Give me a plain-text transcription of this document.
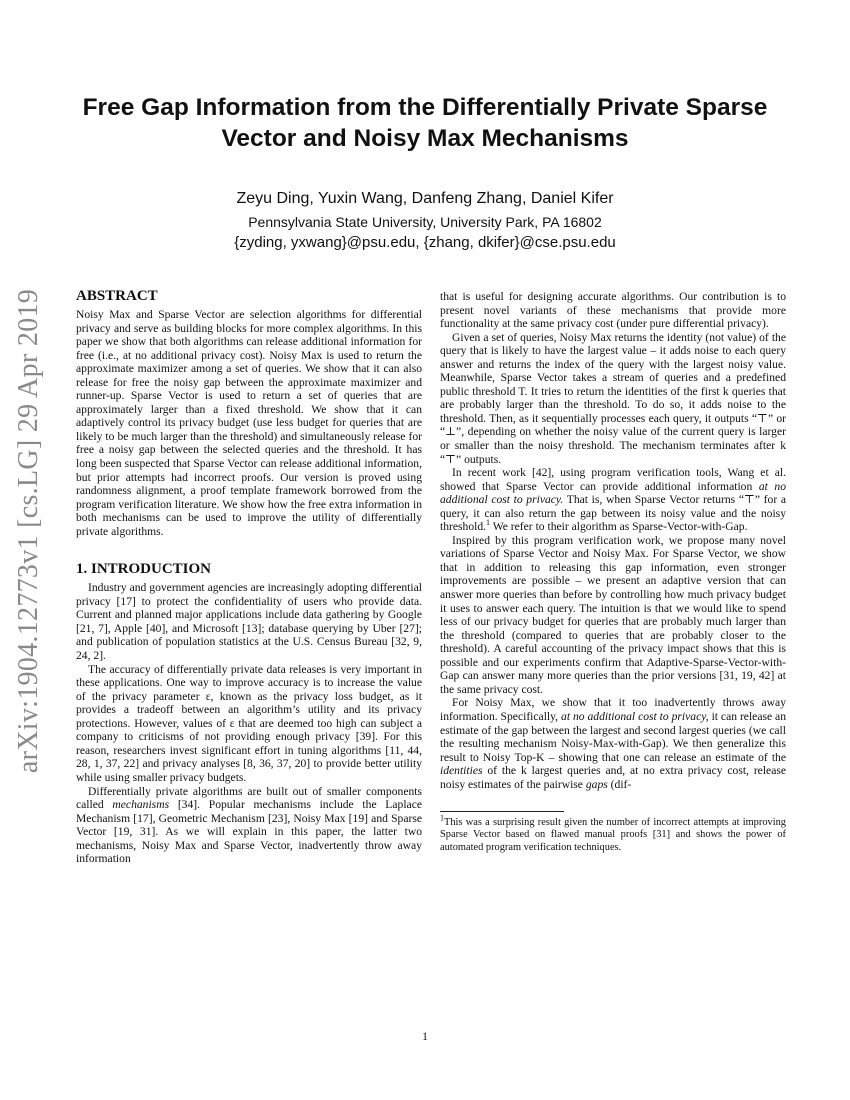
arXiv:1904.12773v1 [cs.LG] 29 Apr 2019
Free Gap Information from the Differentially Private Sparse Vector and Noisy Max Mechanisms
Zeyu Ding, Yuxin Wang, Danfeng Zhang, Daniel Kifer
Pennsylvania State University, University Park, PA 16802
{zyding, yxwang}@psu.edu, {zhang, dkifer}@cse.psu.edu
ABSTRACT

Noisy Max and Sparse Vector are selection algorithms for differential privacy and serve as building blocks for more complex algorithms. In this paper we show that both algorithms can release additional information for free (i.e., at no additional privacy cost). Noisy Max is used to return the approximate maximizer among a set of queries. We show that it can also release for free the noisy gap between the approximate maximizer and runner-up. Sparse Vector is used to return a set of queries that are approximately larger than a fixed threshold. We show that it can adaptively control its privacy budget (use less budget for queries that are likely to be much larger than the threshold) and simultaneously release for free a noisy gap between the selected queries and the threshold. It has long been suspected that Sparse Vector can release additional information, but prior attempts had incorrect proofs. Our version is proved using randomness alignment, a proof template framework borrowed from the program verification literature. We show how the free extra information in both mechanisms can be used to improve the utility of differentially private algorithms.

1. INTRODUCTION

Industry and government agencies are increasingly adopting differential privacy [17] to protect the confidentiality of users who provide data. Current and planned major applications include data gathering by Google [21, 7], Apple [40], and Microsoft [13]; database querying by Uber [27]; and publication of population statistics at the U.S. Census Bureau [32, 9, 24, 2].

The accuracy of differentially private data releases is very important in these applications. One way to improve accuracy is to increase the value of the privacy parameter ε, known as the privacy loss budget, as it provides a tradeoff between an algorithm’s utility and its privacy protections. However, values of ε that are deemed too high can subject a company to criticisms of not providing enough privacy [39]. For this reason, researchers invest significant effort in tuning algorithms [11, 44, 28, 1, 37, 22] and privacy analyses [8, 36, 37, 20] to provide better utility while using smaller privacy budgets.

Differentially private algorithms are built out of smaller components called mechanisms [34]. Popular mechanisms include the Laplace Mechanism [17], Geometric Mechanism [23], Noisy Max [19] and Sparse Vector [19, 31]. As we will explain in this paper, the latter two mechanisms, Noisy Max and Sparse Vector, inadvertently throw away information

that is useful for designing accurate algorithms. Our contribution is to present novel variants of these mechanisms that provide more functionality at the same privacy cost (under pure differential privacy).

Given a set of queries, Noisy Max returns the identity (not value) of the query that is likely to have the largest value – it adds noise to each query answer and returns the index of the query with the largest noisy value. Meanwhile, Sparse Vector takes a stream of queries and a predefined public threshold T. It tries to return the identities of the first k queries that are probably larger than the threshold. To do so, it adds noise to the threshold. Then, as it sequentially processes each query, it outputs “⊤” or “⊥”, depending on whether the noisy value of the current query is larger or smaller than the noisy threshold. The mechanism terminates after k “⊤” outputs.

In recent work [42], using program verification tools, Wang et al. showed that Sparse Vector can provide additional information at no additional cost to privacy. That is, when Sparse Vector returns “⊤” for a query, it can also return the gap between its noisy value and the noisy threshold.$^1$ We refer to their algorithm as Sparse-Vector-with-Gap.

Inspired by this program verification work, we propose many novel variations of Sparse Vector and Noisy Max. For Sparse Vector, we show that in addition to releasing this gap information, even stronger improvements are possible – we present an adaptive version that can answer more queries than before by controlling how much privacy budget it uses to answer each query. The intuition is that we would like to spend less of our privacy budget for queries that are probably much larger than the threshold (compared to queries that are probably closer to the threshold). A careful accounting of the privacy impact shows that this is possible and our experiments confirm that Adaptive-Sparse-Vector-with-Gap can answer many more queries than the prior versions [31, 19, 42] at the same privacy cost.

For Noisy Max, we show that it too inadvertently throws away information. Specifically, at no additional cost to privacy, it can release an estimate of the gap between the largest and second largest queries (we call the resulting mechanism Noisy-Max-with-Gap). We then generalize this result to Noisy Top-K – showing that one can release an estimate of the identities of the k largest queries and, at no extra privacy cost, release noisy estimates of the pairwise gaps (dif-

$^1$This was a surprising result given the number of incorrect attempts at improving Sparse Vector based on flawed manual proofs [31] and shows the power of automated program verification techniques.

1
